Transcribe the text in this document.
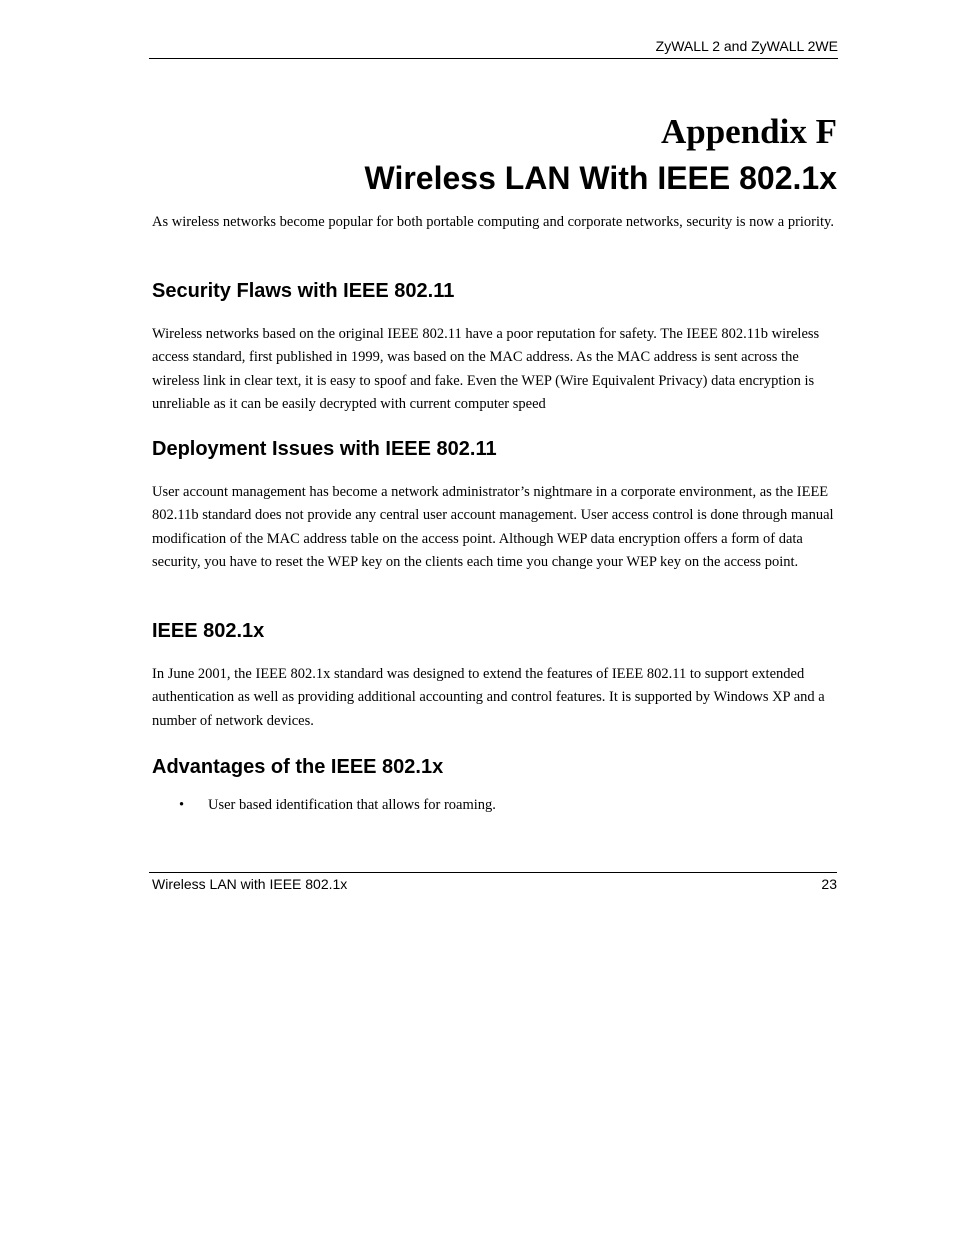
ZyWALL 2 and ZyWALL 2WE
Appendix F
Wireless LAN With IEEE 802.1x

As wireless networks become popular for both portable computing and corporate networks, security is now a priority.

Security Flaws with IEEE 802.11

Wireless networks based on the original IEEE 802.11 have a poor reputation for safety. The IEEE 802.11b wireless access standard, first published in 1999, was based on the MAC address. As the MAC address is sent across the wireless link in clear text, it is easy to spoof and fake. Even the WEP (Wire Equivalent Privacy) data encryption is unreliable as it can be easily decrypted with current computer speed

Deployment Issues with IEEE 802.11

User account management has become a network administrator’s nightmare in a corporate environment, as the IEEE 802.11b standard does not provide any central user account management. User access control is done through manual modification of the MAC address table on the access point. Although WEP data encryption offers a form of data security, you have to reset the WEP key on the clients each time you change your WEP key on the access point.

IEEE 802.1x

In June 2001, the IEEE 802.1x standard was designed to extend the features of IEEE 802.11 to support extended authentication as well as providing additional accounting and control features. It is supported by Windows XP and a number of network devices.

Advantages of the IEEE 802.1x
• User based identification that allows for roaming.
Wireless LAN with IEEE 802.1x	23
